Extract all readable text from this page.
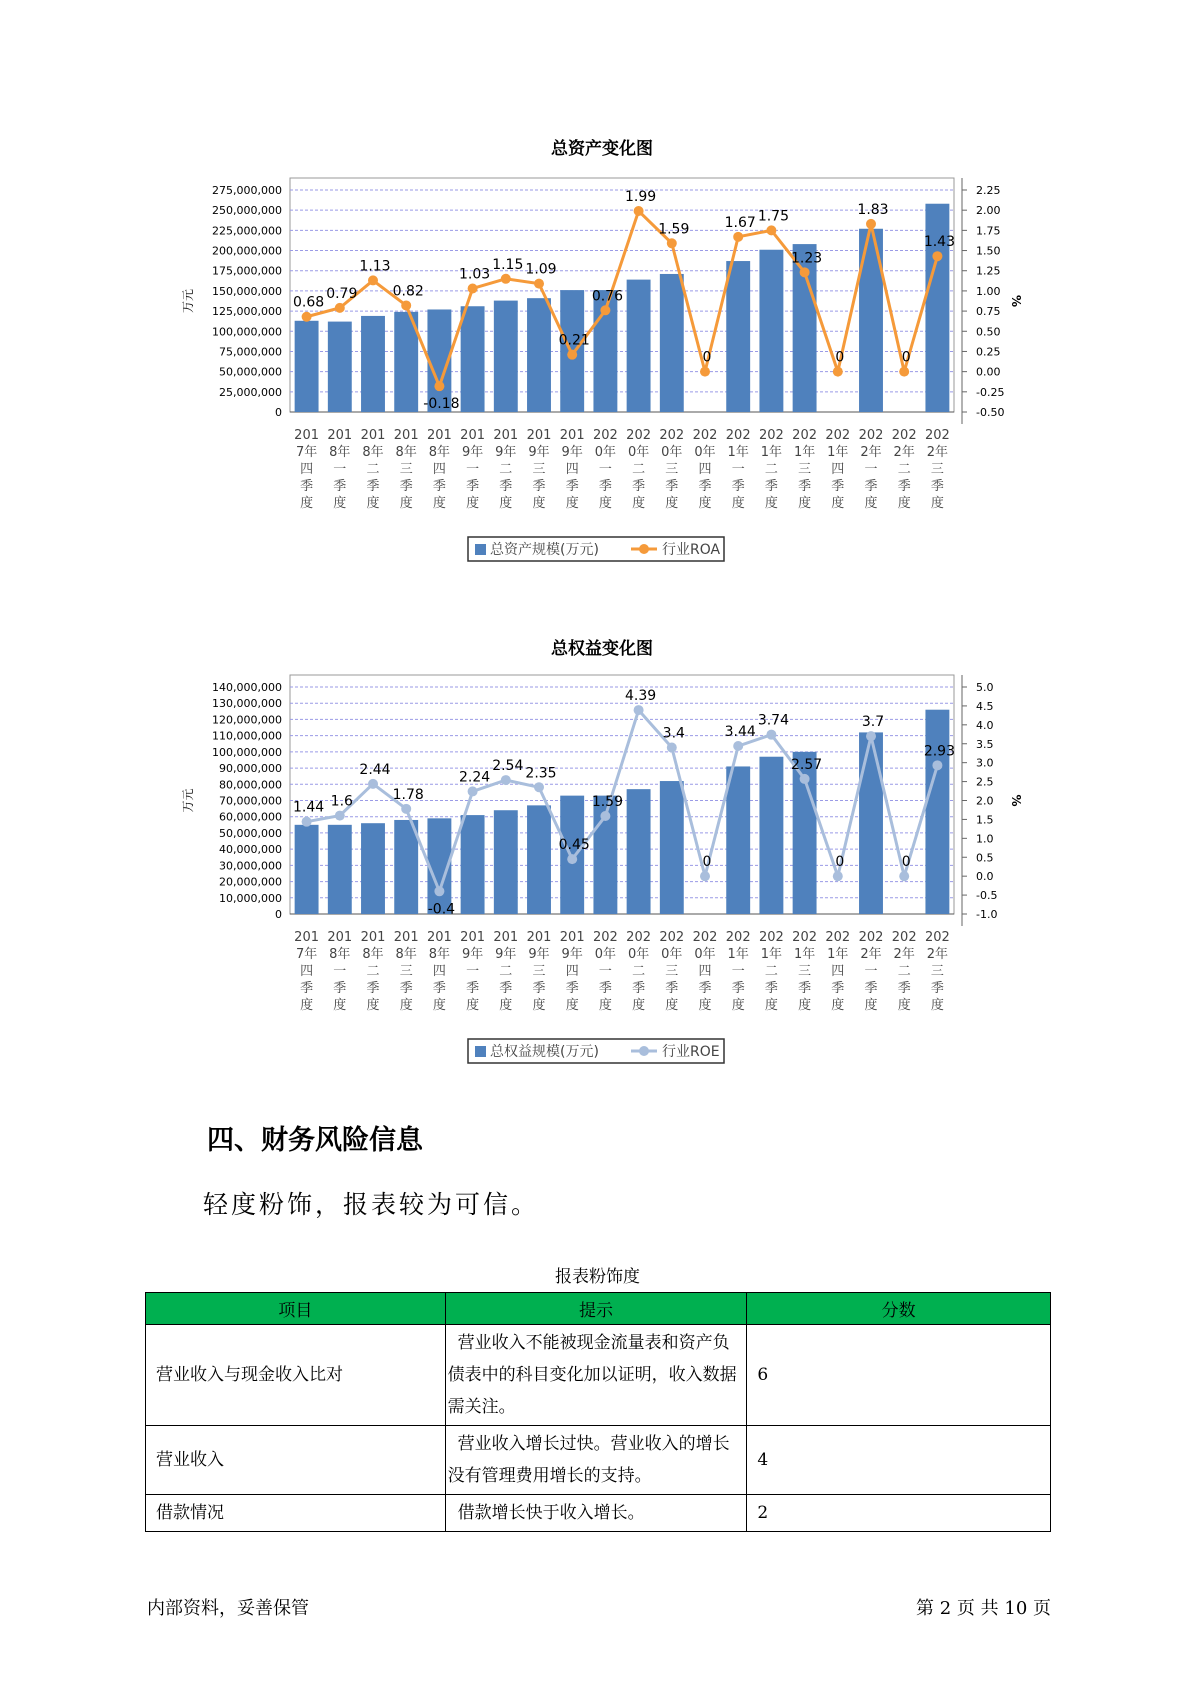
总资产变化图
0
25,000,000
50,000,000
75,000,000
100,000,000
125,000,000
150,000,000
175,000,000
200,000,000
225,000,000
250,000,000
275,000,000
-0.50
-0.25
0.00
0.25
0.50
0.75
1.00
1.25
1.50
1.75
2.00
2.25
万元	%
201
7年
四
季
度
201
8年
一
季
度
201
8年
二
季
度
201
8年
三
季
度
201
8年
四
季
度
201
9年
一
季
度
201
9年
二
季
度
201
9年
三
季
度
201
9年
四
季
度
202
0年
一
季
度
202
0年
二
季
度
202
0年
三
季
度
202
0年
四
季
度
202
1年
一
季
度
202
1年
二
季
度
202
1年
三
季
度
202
1年
四
季
度
202
2年
一
季
度
202
2年
二
季
度
202
2年
三
季
度
0.68
0.79
1.13
0.82
-0.18
1.03
1.15 1.09
0.21
0.76
1.99
1.59
0
1.67 1.75
1.23
0
1.83
0
1.43
总资产规模(万元)	行业ROA
总权益变化图
0
10,000,000
20,000,000
30,000,000
40,000,000
50,000,000
60,000,000
70,000,000
80,000,000
90,000,000
100,000,000
110,000,000
120,000,000
130,000,000
140,000,000
-1.0
-0.5
0.0
0.5
1.0
1.5
2.0
2.5
3.0
3.5
4.0
4.5
5.0
万元	%
201
7年
四
季
度
201
8年
一
季
度
201
8年
二
季
度
201
8年
三
季
度
201
8年
四
季
度
201
9年
一
季
度
201
9年
二
季
度
201
9年
三
季
度
201
9年
四
季
度
202
0年
一
季
度
202
0年
二
季
度
202
0年
三
季
度
202
0年
四
季
度
202
1年
一
季
度
202
1年
二
季
度
202
1年
三
季
度
202
1年
四
季
度
202
2年
一
季
度
202
2年
二
季
度
202
2年
三
季
度
1.44 1.6
2.44
1.78
-0.4
2.24
2.54 2.35
0.45
1.59
4.39
3.4
0
3.44
3.74
2.57
0
3.7
0
2.93
总权益规模(万元)	行业ROE
四、财务风险信息

轻度粉饰，报表较为可信。

报表粉饰度
项目	提示	分数
营业收入与现金收入比对	营业收入不能被现金流量表和资产负债表中的科目变化加以证明，收入数据需关注。	6
营业收入	营业收入增长过快。营业收入的增长没有管理费用增长的支持。	4
借款情况	借款增长快于收入增长。	2
内部资料，妥善保管	第 2 页 共 10 页
